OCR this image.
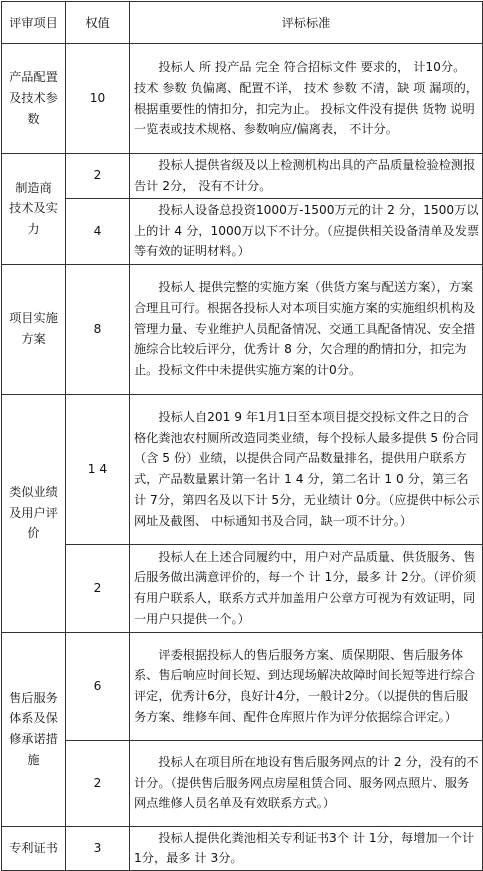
评审项目	权值	评标标准
产品配置及技术参数	10	投标人 所 投产品 完全 符合招标文件 要求的， 计10分。 技术 参数 负偏离、配置不详， 技术 参数 不清，缺 项 漏项的， 根据重要性的情扣分，扣完为止。 投标文件没有提供 货物 说明一览表或技术规格、参数响应/偏离表， 不计分。

制造商 技术及实力	2	投标人提供省级及以上检测机构出具的产品质量检验检测报告计 2分， 没有不计分。

	4	投标人设备总投资1000万-1500万元的计 2 分，1500万以上的计 4 分，1000万以下不计分。（应提供相关设备清单及发票等有效的证明材料。）

项目实施方案	8	投标人 提供完整的实施方案（供货方案与配送方案），方案合理且可行。根据各投标人对本项目实施方案的实施组织机构及管理力量、专业维护人员配备情况、交通工具配备情况、安全措施综合比较后评分，优秀计 8 分，欠合理的酌情扣分，扣完为止。投标文件中未提供实施方案的计0分。

类似业绩及用户评价	1 4	投标人自201 9 年1月1日至本项目提交投标文件之日的合格化粪池农村厕所改造同类业绩，每个投标人最多提供 5 份合同（含 5 份）业绩，以提供合同产品数量排名，提供用户联系方式，产品数量累计第一名计 1 4 分，第二名计 1 0 分，第三名计 7分，第四名及以下计 5分，无业绩计 0分。（应提供中标公示网址及截图、 中标通知书及合同，缺一项不计分。）

	2	投标人在上述合同履约中，用户对产品质量、供货服务、售后服务做出满意评价的，每一个 计 1分，最多 计 2分。（评价须有用户联系人，联系方式并加盖用户公章方可视为有效证明，同一用户只提供一个。）

售后服务体系及保修承诺措施	6	评委根据投标人的售后服务方案、质保期限、售后服务体系、售后响应时间长短、到达现场解决故障时间长短等进行综合评定，优秀计6分，良好计4分，一般计2分。（以提供的售后服务方案、维修车间、配件仓库照片作为评分依据综合评定。）

	2	投标人在项目所在地设有售后服务网点的计 2 分，没有的不计分。（提供售后服务网点房屋租赁合同、服务网点照片、服务网点维修人员名单及有效联系方式。）

专利证书	3	投标人提供化粪池相关专利证书3个 计 1分，每增加一个计1分，最多 计 3分。
